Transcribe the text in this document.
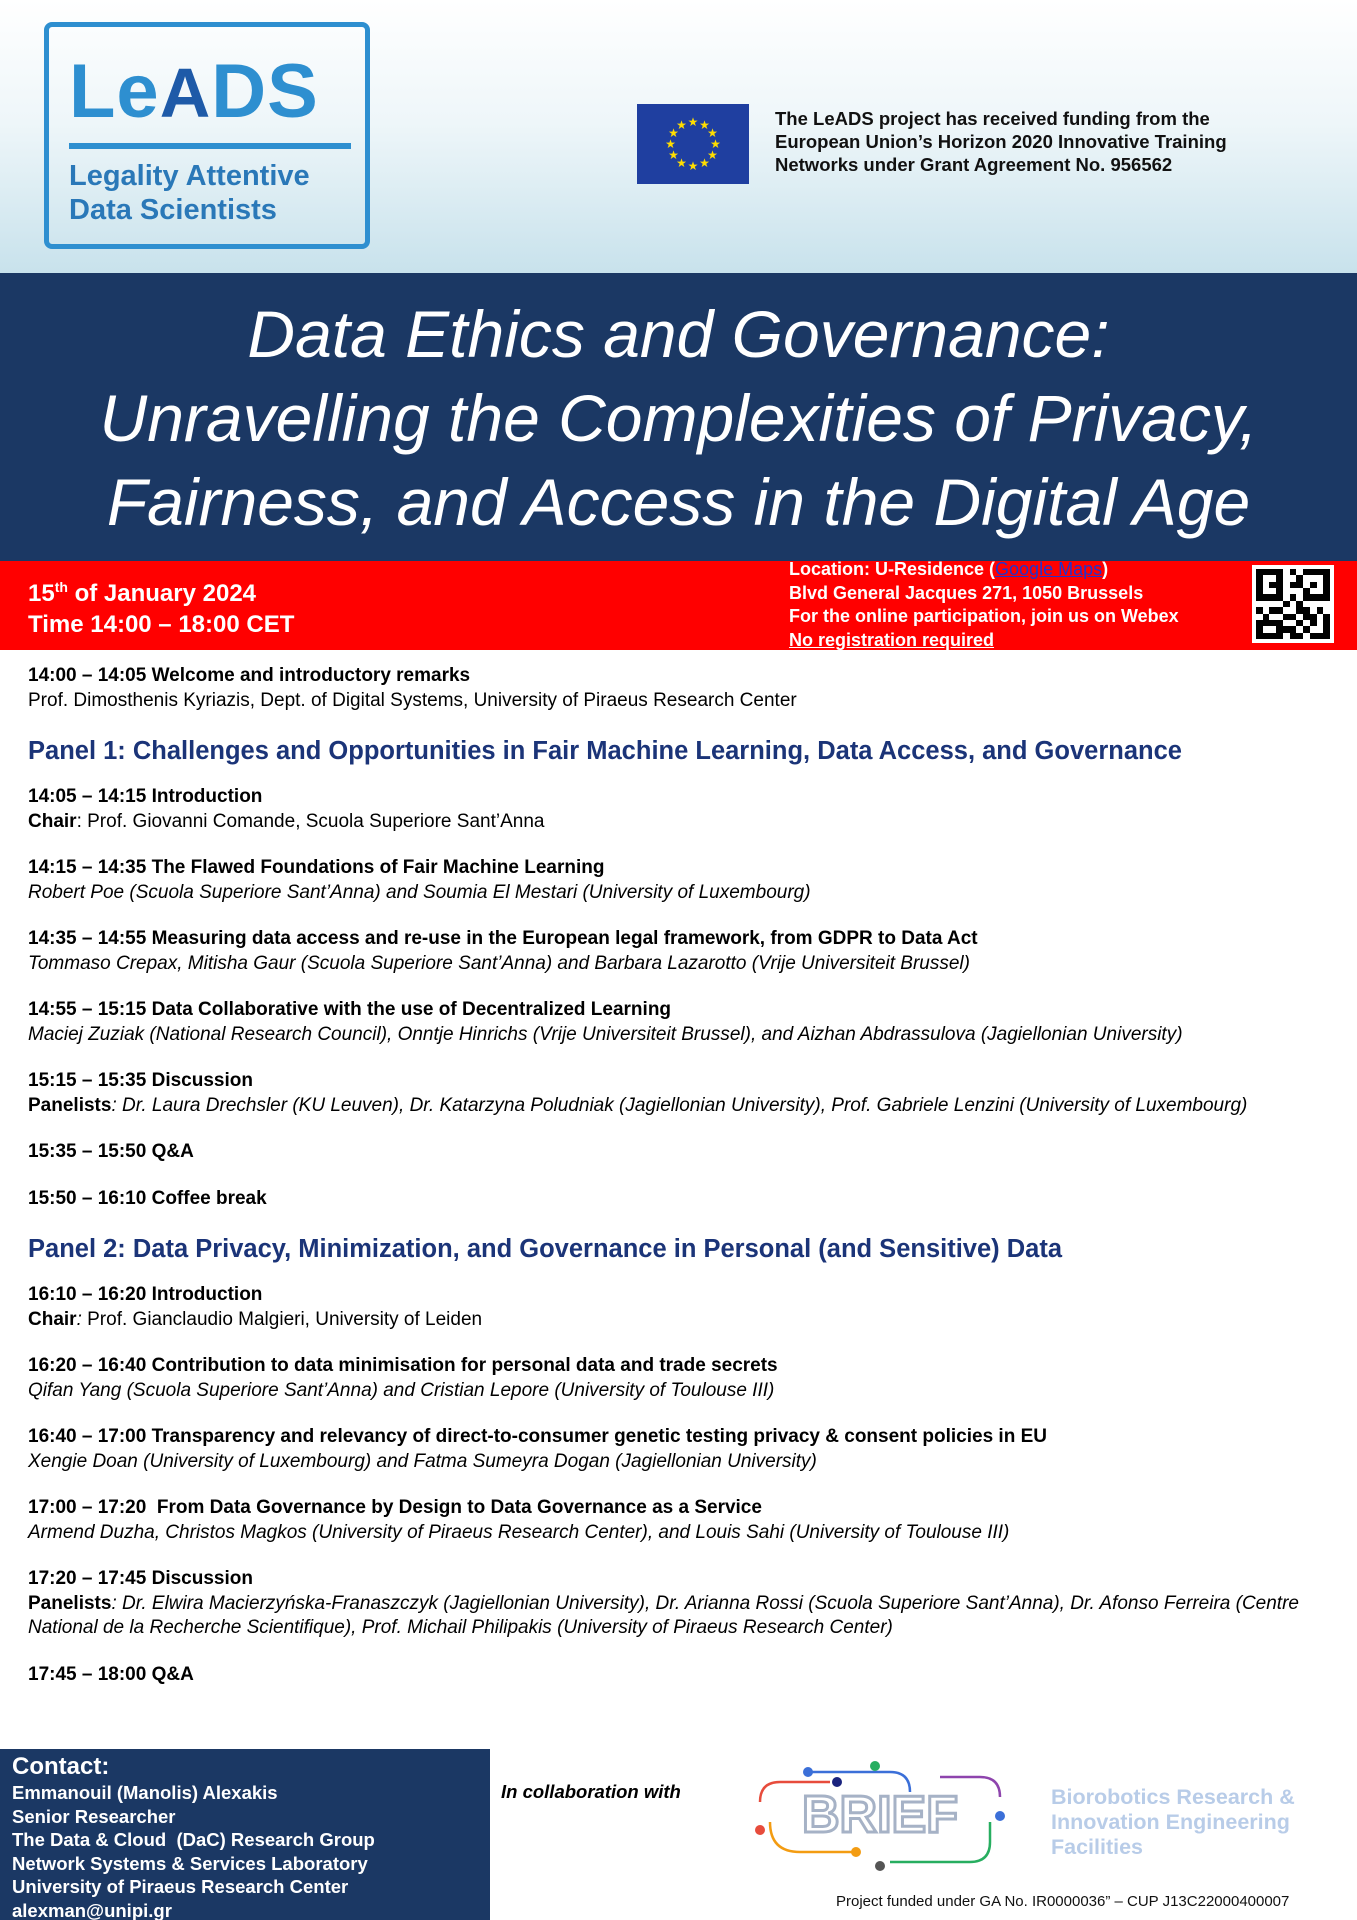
LeADS
Legality Attentive
Data Scientists
★ ★
★
★
★
★
★
★
★
★
★
★	The LeADS project has received funding from the
European Union’s Horizon 2020 Innovative Training
Networks under Grant Agreement No. 956562
Data Ethics and Governance:
Unravelling the Complexities of Privacy,
Fairness, and Access in the Digital Age
15th of January 2024
Time 14:00 – 18:00 CET
Location: U-Residence (Google Maps)
Blvd General Jacques 271, 1050 Brussels
For the online participation, join us on Webex
No registration required
14:00 – 14:05 Welcome and introductory remarks
Prof. Dimosthenis Kyriazis, Dept. of Digital Systems, University of Piraeus Research Center
Panel 1: Challenges and Opportunities in Fair Machine Learning, Data Access, and Governance
14:05 – 14:15 Introduction
Chair: Prof. Giovanni Comande, Scuola Superiore Sant’Anna
14:15 – 14:35 The Flawed Foundations of Fair Machine Learning
Robert Poe (Scuola Superiore Sant’Anna) and Soumia El Mestari (University of Luxembourg)
14:35 – 14:55 Measuring data access and re-use in the European legal framework, from GDPR to Data Act
Tommaso Crepax, Mitisha Gaur (Scuola Superiore Sant’Anna) and Barbara Lazarotto (Vrije Universiteit Brussel)
14:55 – 15:15 Data Collaborative with the use of Decentralized Learning
Maciej Zuziak (National Research Council), Onntje Hinrichs (Vrije Universiteit Brussel), and Aizhan Abdrassulova (Jagiellonian University)
15:15 – 15:35 Discussion
Panelists: Dr. Laura Drechsler (KU Leuven), Dr. Katarzyna Poludniak (Jagiellonian University), Prof. Gabriele Lenzini (University of Luxembourg)
15:35 – 15:50 Q&A
15:50 – 16:10 Coffee break
Panel 2: Data Privacy, Minimization, and Governance in Personal (and Sensitive) Data
16:10 – 16:20 Introduction
Chair: Prof. Gianclaudio Malgieri, University of Leiden
16:20 – 16:40 Contribution to data minimisation for personal data and trade secrets
Qifan Yang (Scuola Superiore Sant’Anna) and Cristian Lepore (University of Toulouse III)
16:40 – 17:00 Transparency and relevancy of direct-to-consumer genetic testing privacy & consent policies in EU
Xengie Doan (University of Luxembourg) and Fatma Sumeyra Dogan (Jagiellonian University)
17:00 – 17:20  From Data Governance by Design to Data Governance as a Service
Armend Duzha, Christos Magkos (University of Piraeus Research Center), and Louis Sahi (University of Toulouse III)
17:20 – 17:45 Discussion
Panelists: Dr. Elwira Macierzyńska-Franaszczyk (Jagiellonian University), Dr. Arianna Rossi (Scuola Superiore Sant’Anna), Dr. Afonso Ferreira (Centre National de la Recherche Scientifique), Prof. Michail Philipakis (University of Piraeus Research Center)
17:45 – 18:00 Q&A
Contact:
Emmanouil (Manolis) Alexakis
Senior Researcher
The Data & Cloud  (DaC) Research Group
Network Systems & Services Laboratory
University of Piraeus Research Center
alexman@unipi.gr
In collaboration with BRIEF	Biorobotics Research &
Innovation Engineering
Facilities
Project funded under GA No. IR0000036” – CUP J13C22000400007
